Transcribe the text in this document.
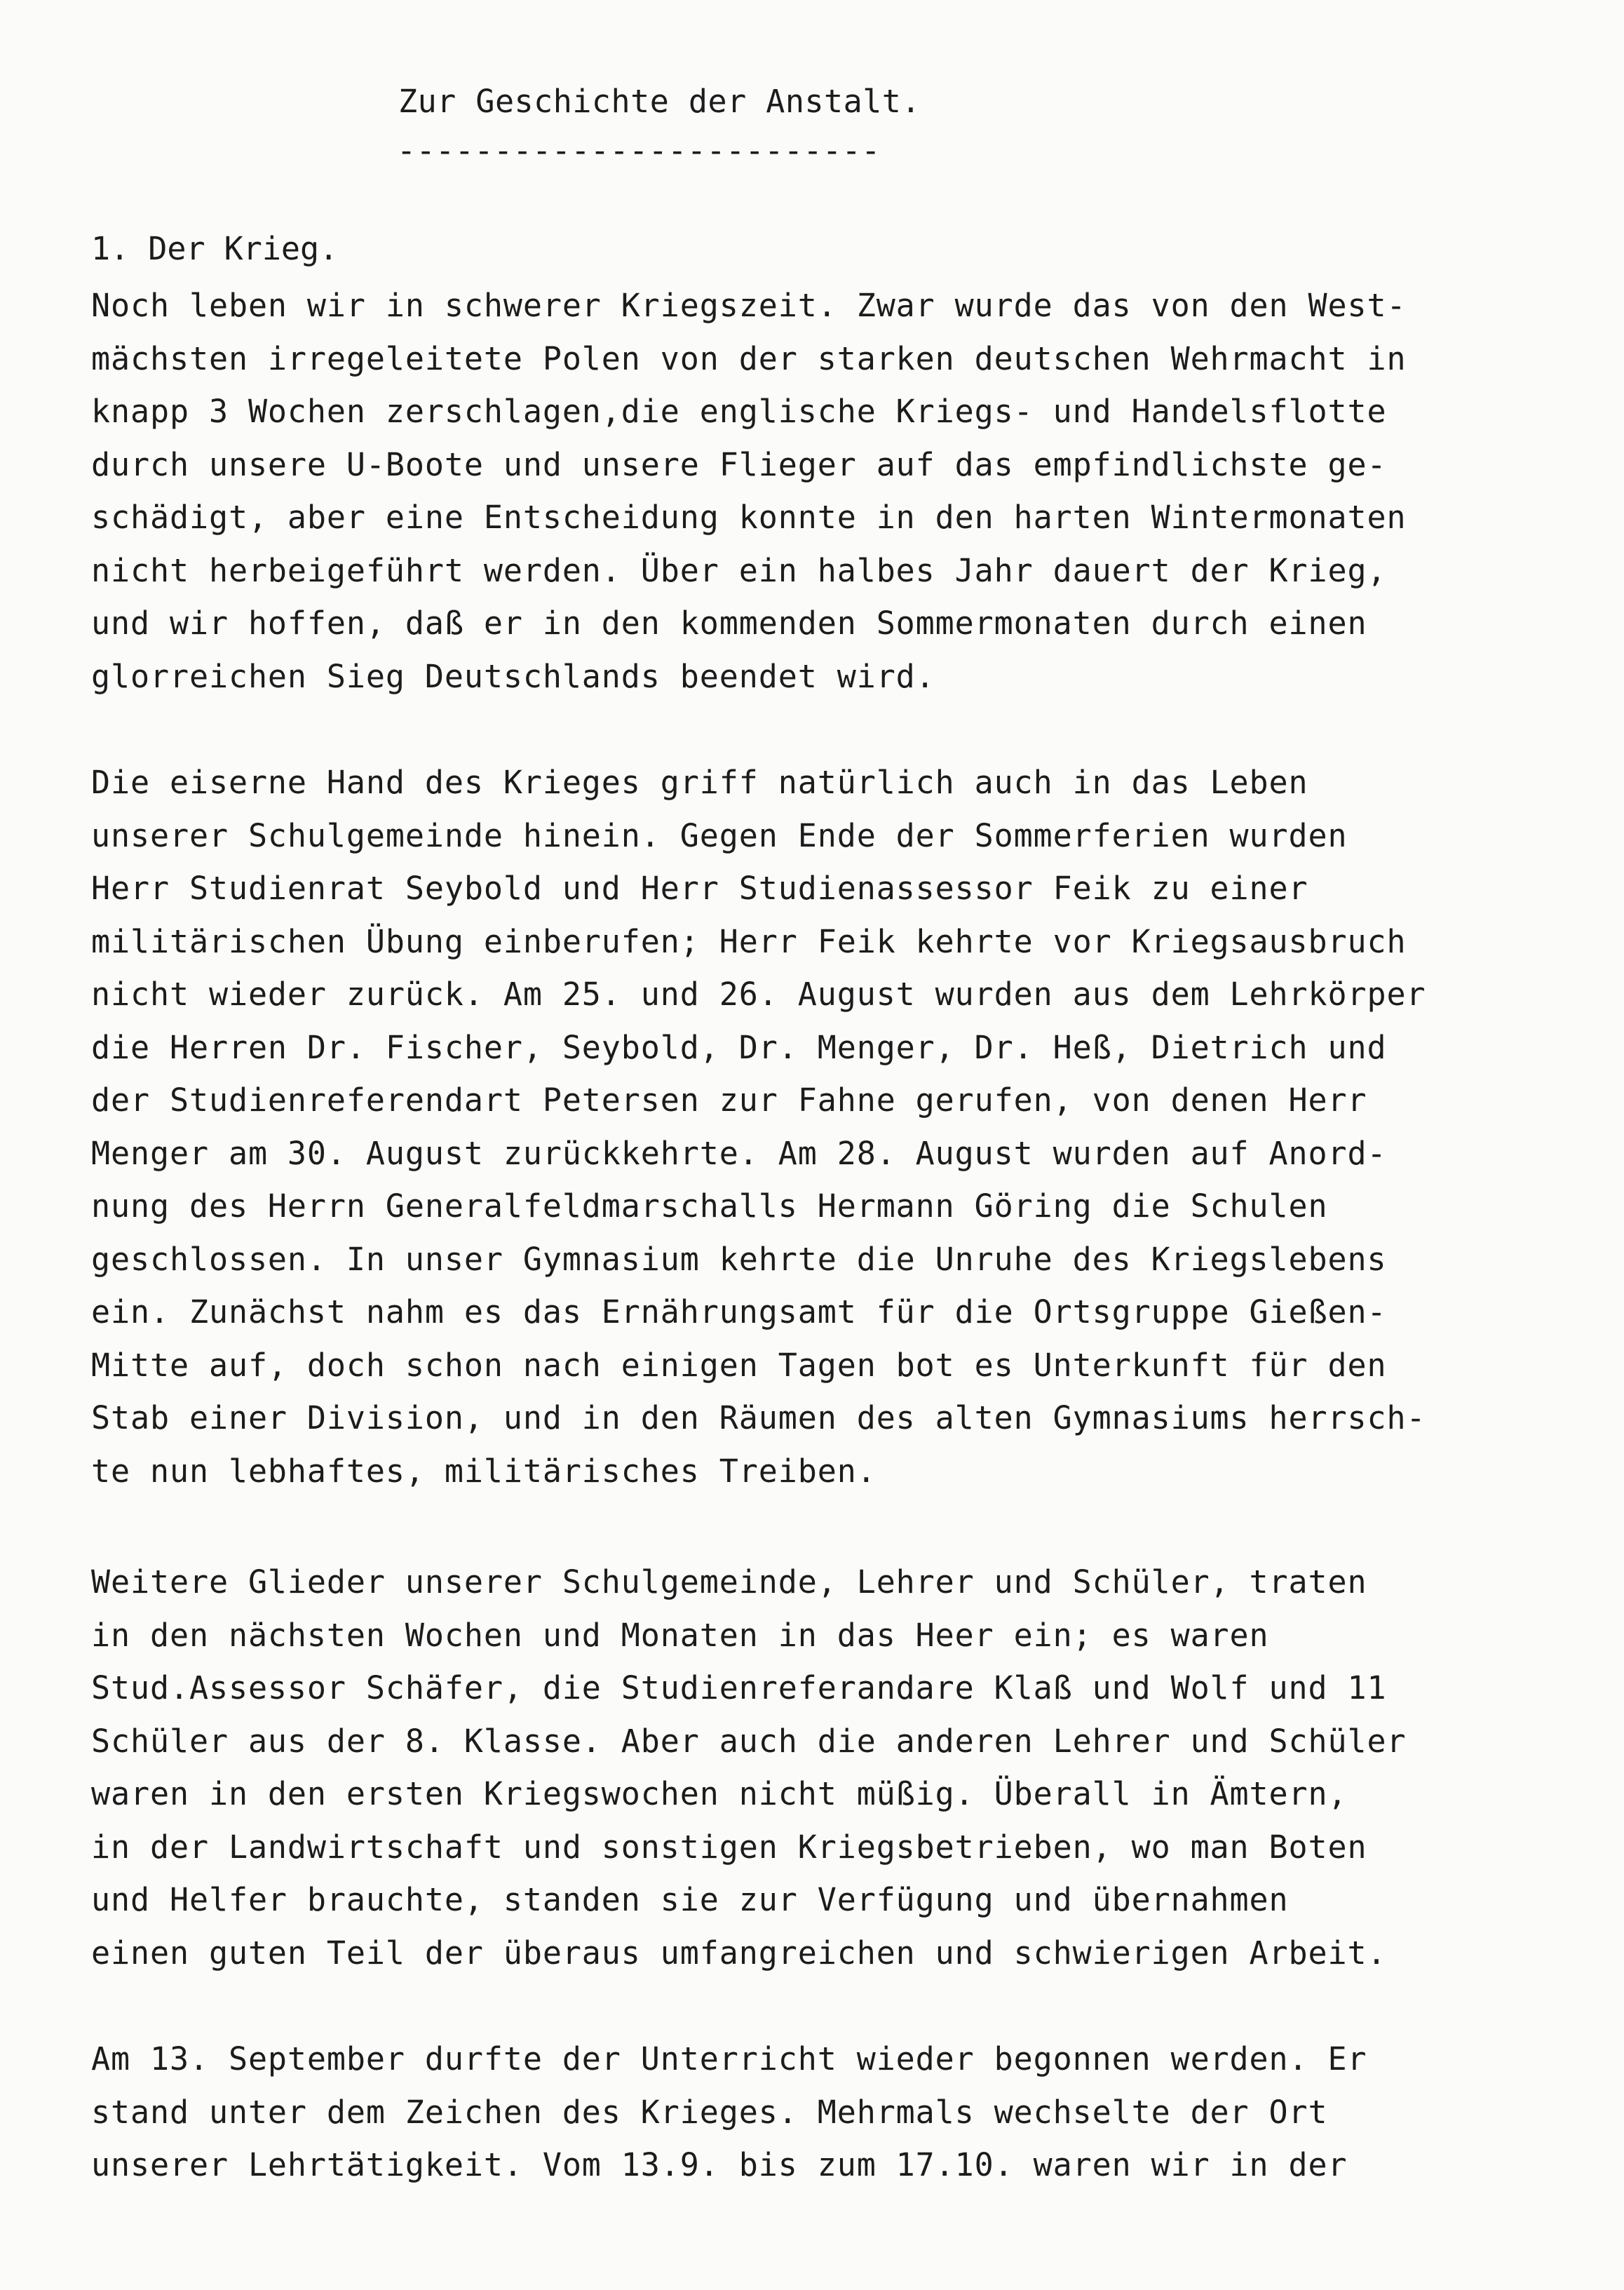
Zur Geschichte der Anstalt.
-------------------------
1. Der Krieg.
Noch leben wir in schwerer Kriegszeit. Zwar wurde das von den West-
mächsten irregeleitete Polen von der starken deutschen Wehrmacht in
knapp 3 Wochen zerschlagen,die englische Kriegs- und Handelsflotte
durch unsere U-Boote und unsere Flieger auf das empfindlichste ge-
schädigt, aber eine Entscheidung konnte in den harten Wintermonaten
nicht herbeigeführt werden. Über ein halbes Jahr dauert der Krieg,
und wir hoffen, daß er in den kommenden Sommermonaten durch einen
glorreichen Sieg Deutschlands beendet wird.
Die eiserne Hand des Krieges griff natürlich auch in das Leben
unserer Schulgemeinde hinein. Gegen Ende der Sommerferien wurden
Herr Studienrat Seybold und Herr Studienassessor Feik zu einer
militärischen Übung einberufen; Herr Feik kehrte vor Kriegsausbruch
nicht wieder zurück. Am 25. und 26. August wurden aus dem Lehrkörper
die Herren Dr. Fischer, Seybold, Dr. Menger, Dr. Heß, Dietrich und
der Studienreferendart Petersen zur Fahne gerufen, von denen Herr
Menger am 30. August zurückkehrte. Am 28. August wurden auf Anord-
nung des Herrn Generalfeldmarschalls Hermann Göring die Schulen
geschlossen. In unser Gymnasium kehrte die Unruhe des Kriegslebens
ein. Zunächst nahm es das Ernährungsamt für die Ortsgruppe Gießen-
Mitte auf, doch schon nach einigen Tagen bot es Unterkunft für den
Stab einer Division, und in den Räumen des alten Gymnasiums herrsch-
te nun lebhaftes, militärisches Treiben.
Weitere Glieder unserer Schulgemeinde, Lehrer und Schüler, traten
in den nächsten Wochen und Monaten in das Heer ein; es waren
Stud.Assessor Schäfer, die Studienreferandare Klaß und Wolf und 11
Schüler aus der 8. Klasse. Aber auch die anderen Lehrer und Schüler
waren in den ersten Kriegswochen nicht müßig. Überall in Ämtern,
in der Landwirtschaft und sonstigen Kriegsbetrieben, wo man Boten
und Helfer brauchte, standen sie zur Verfügung und übernahmen
einen guten Teil der überaus umfangreichen und schwierigen Arbeit.
Am 13. September durfte der Unterricht wieder begonnen werden. Er
stand unter dem Zeichen des Krieges. Mehrmals wechselte der Ort
unserer Lehrtätigkeit. Vom 13.9. bis zum 17.10. waren wir in der
